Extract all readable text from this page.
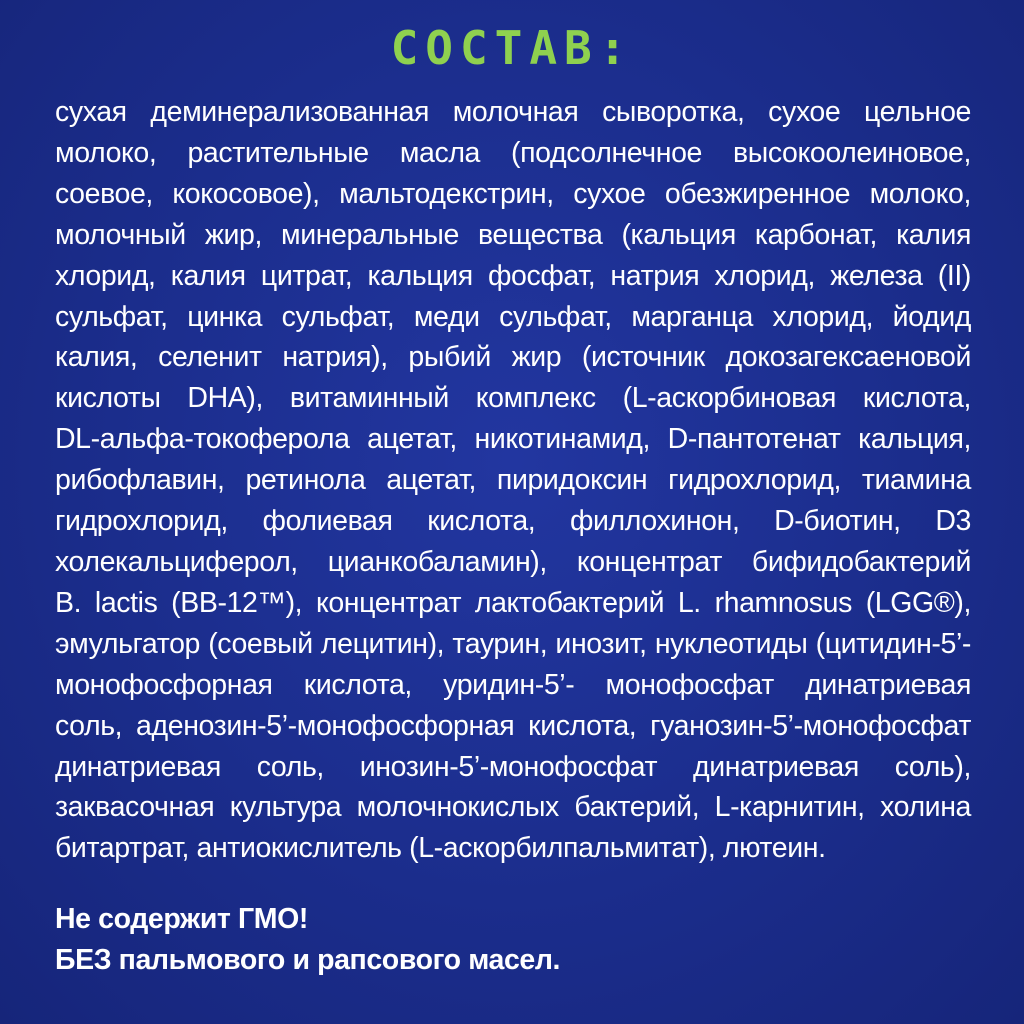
СОСТАВ:
сухая деминерализованная молочная сыворотка, сухое цельное
молоко, растительные масла (подсолнечное высокоолеиновое,
соевое, кокосовое), мальтодекстрин, сухое обезжиренное молоко,
молочный жир, минеральные вещества (кальция карбонат, калия
хлорид, калия цитрат, кальция фосфат, натрия хлорид, железа (II)
сульфат, цинка сульфат, меди сульфат, марганца хлорид, йодид
калия, селенит натрия), рыбий жир (источник докозагексаеновой
кислоты DHA), витаминный комплекс (L-аскорбиновая кислота,
DL-альфа-токоферола ацетат, никотинамид, D-пантотенат кальция,
рибофлавин, ретинола ацетат, пиридоксин гидрохлорид, тиамина
гидрохлорид, фолиевая кислота, филлохинон, D-биотин, D3
холекальциферол, цианкобаламин), концентрат бифидобактерий
B. lactis (BB-12™), концентрат лактобактерий L. rhamnosus (LGG®),
эмульгатор (соевый лецитин), таурин, инозит, нуклеотиды (цитидин-5’-
монофосфорная кислота, уридин-5’- монофосфат динатриевая
соль, аденозин-5’-монофосфорная кислота, гуанозин-5’-монофосфат
динатриевая соль, инозин-5’-монофосфат динатриевая соль),
заквасочная культура молочнокислых бактерий, L-карнитин, холина
битартрат, антиокислитель (L-аскорбилпальмитат), лютеин.
Не содержит ГМО!
БЕЗ пальмового и рапсового масел.
